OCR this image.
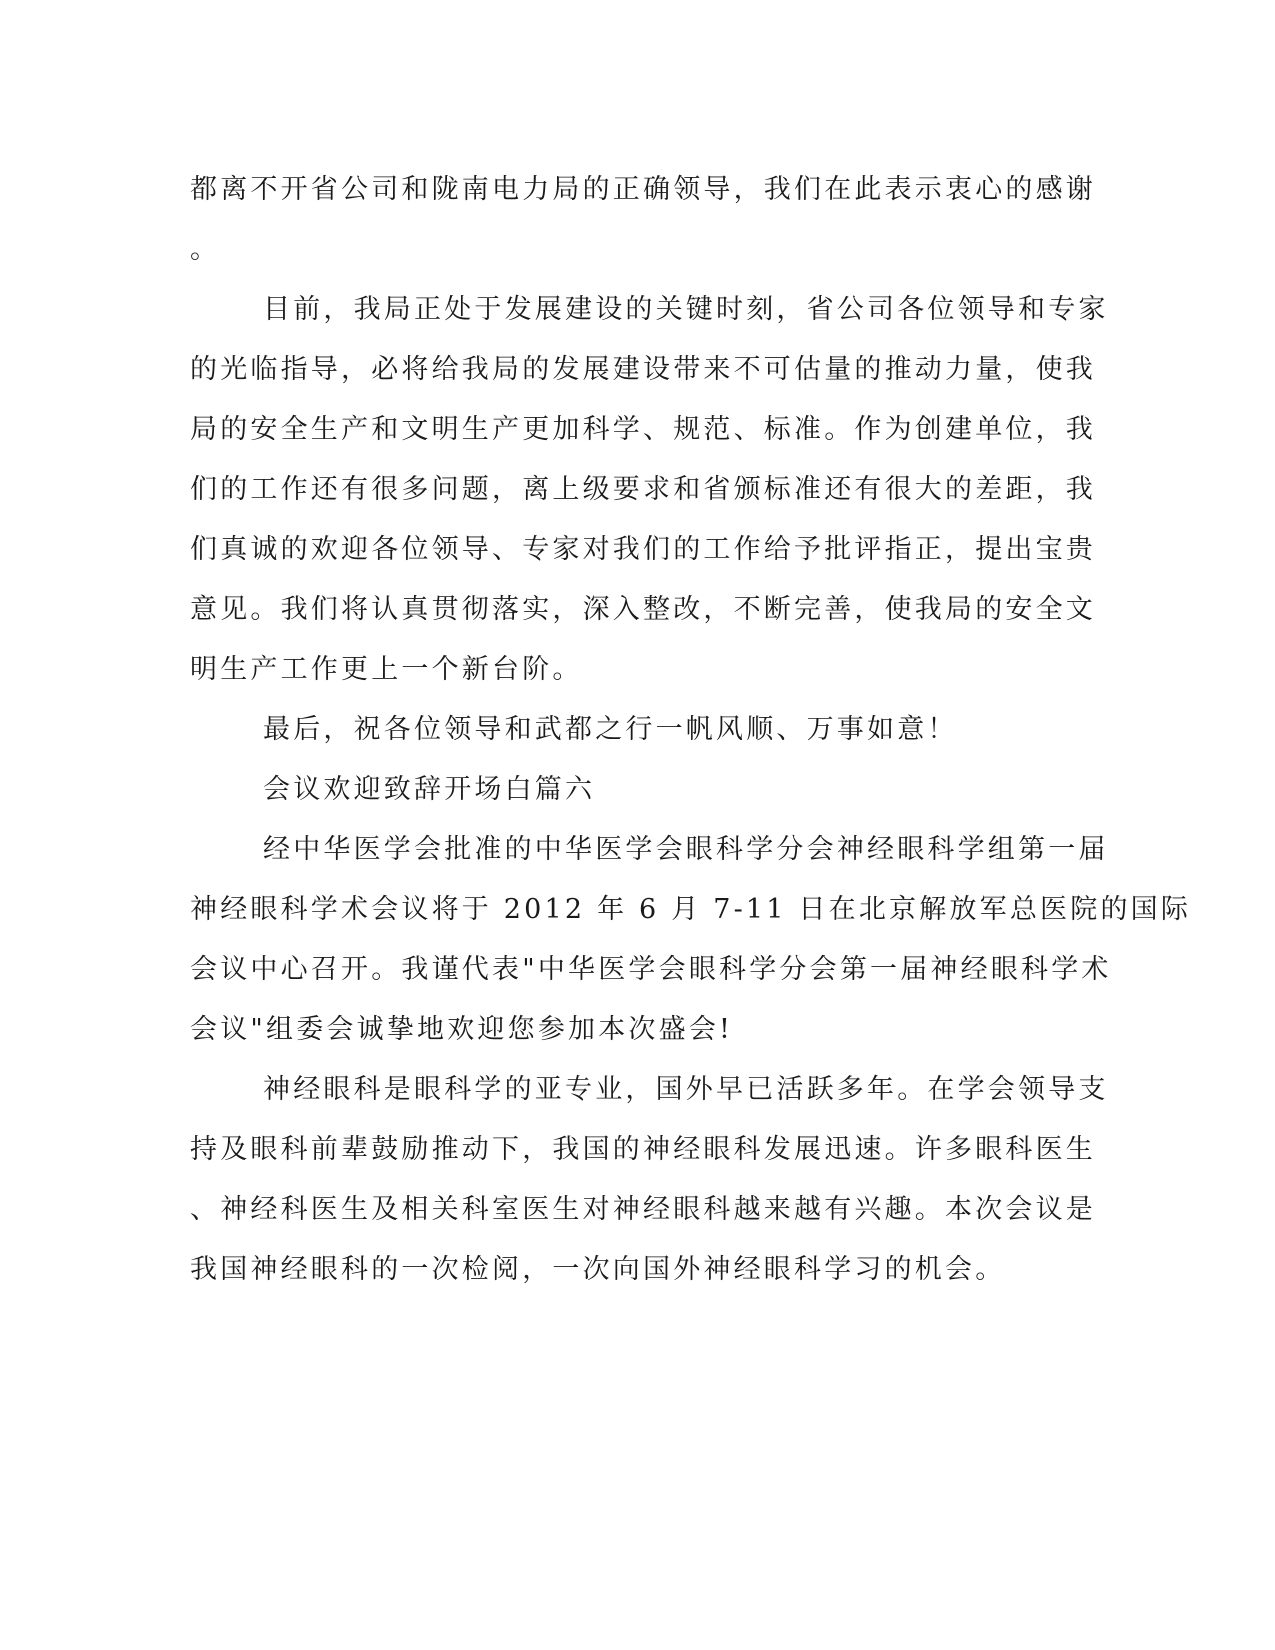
都离不开省公司和陇南电力局的正确领导，我们在此表示衷心的感谢
。
目前，我局正处于发展建设的关键时刻，省公司各位领导和专家
的光临指导，必将给我局的发展建设带来不可估量的推动力量，使我
局的安全生产和文明生产更加科学、规范、标准。作为创建单位，我
们的工作还有很多问题，离上级要求和省颁标准还有很大的差距，我
们真诚的欢迎各位领导、专家对我们的工作给予批评指正，提出宝贵
意见。我们将认真贯彻落实，深入整改，不断完善，使我局的安全文
明生产工作更上一个新台阶。
最后，祝各位领导和武都之行一帆风顺、万事如意！
会议欢迎致辞开场白篇六
经中华医学会批准的中华医学会眼科学分会神经眼科学组第一届
神经眼科学术会议将于 2012 年 6 月 7-11 日在北京解放军总医院的国际
会议中心召开。我谨代表"中华医学会眼科学分会第一届神经眼科学术
会议"组委会诚挚地欢迎您参加本次盛会!
神经眼科是眼科学的亚专业，国外早已活跃多年。在学会领导支
持及眼科前辈鼓励推动下，我国的神经眼科发展迅速。许多眼科医生
、神经科医生及相关科室医生对神经眼科越来越有兴趣。本次会议是
我国神经眼科的一次检阅，一次向国外神经眼科学习的机会。
